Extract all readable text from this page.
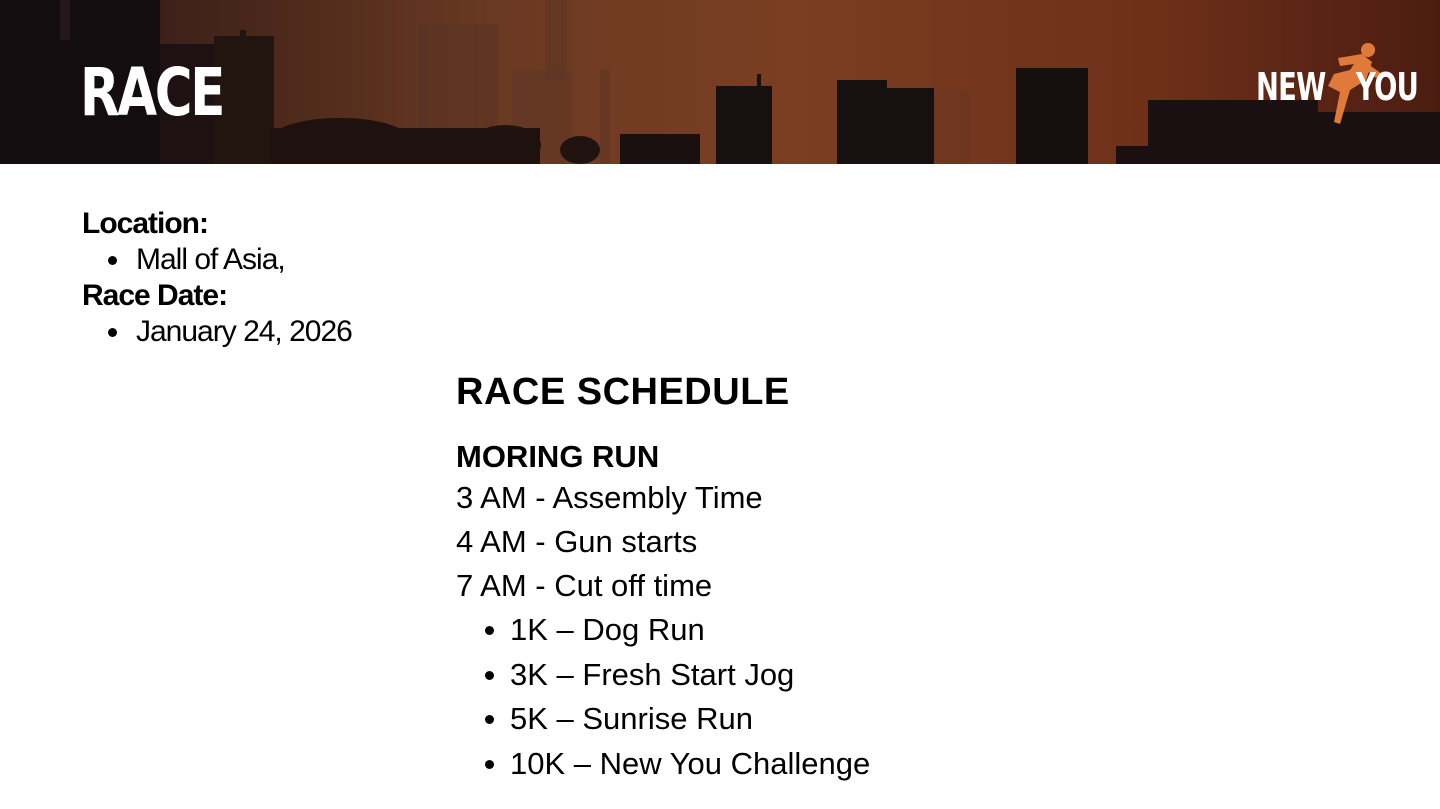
RACE	NEW YOU
Location:
Mall of Asia,
Race Date:
January 24, 2026
RACE SCHEDULE
MORING RUN
3 AM - Assembly Time
4 AM - Gun starts
7 AM - Cut off time
1K – Dog Run
3K – Fresh Start Jog
5K – Sunrise Run
10K – New You Challenge
